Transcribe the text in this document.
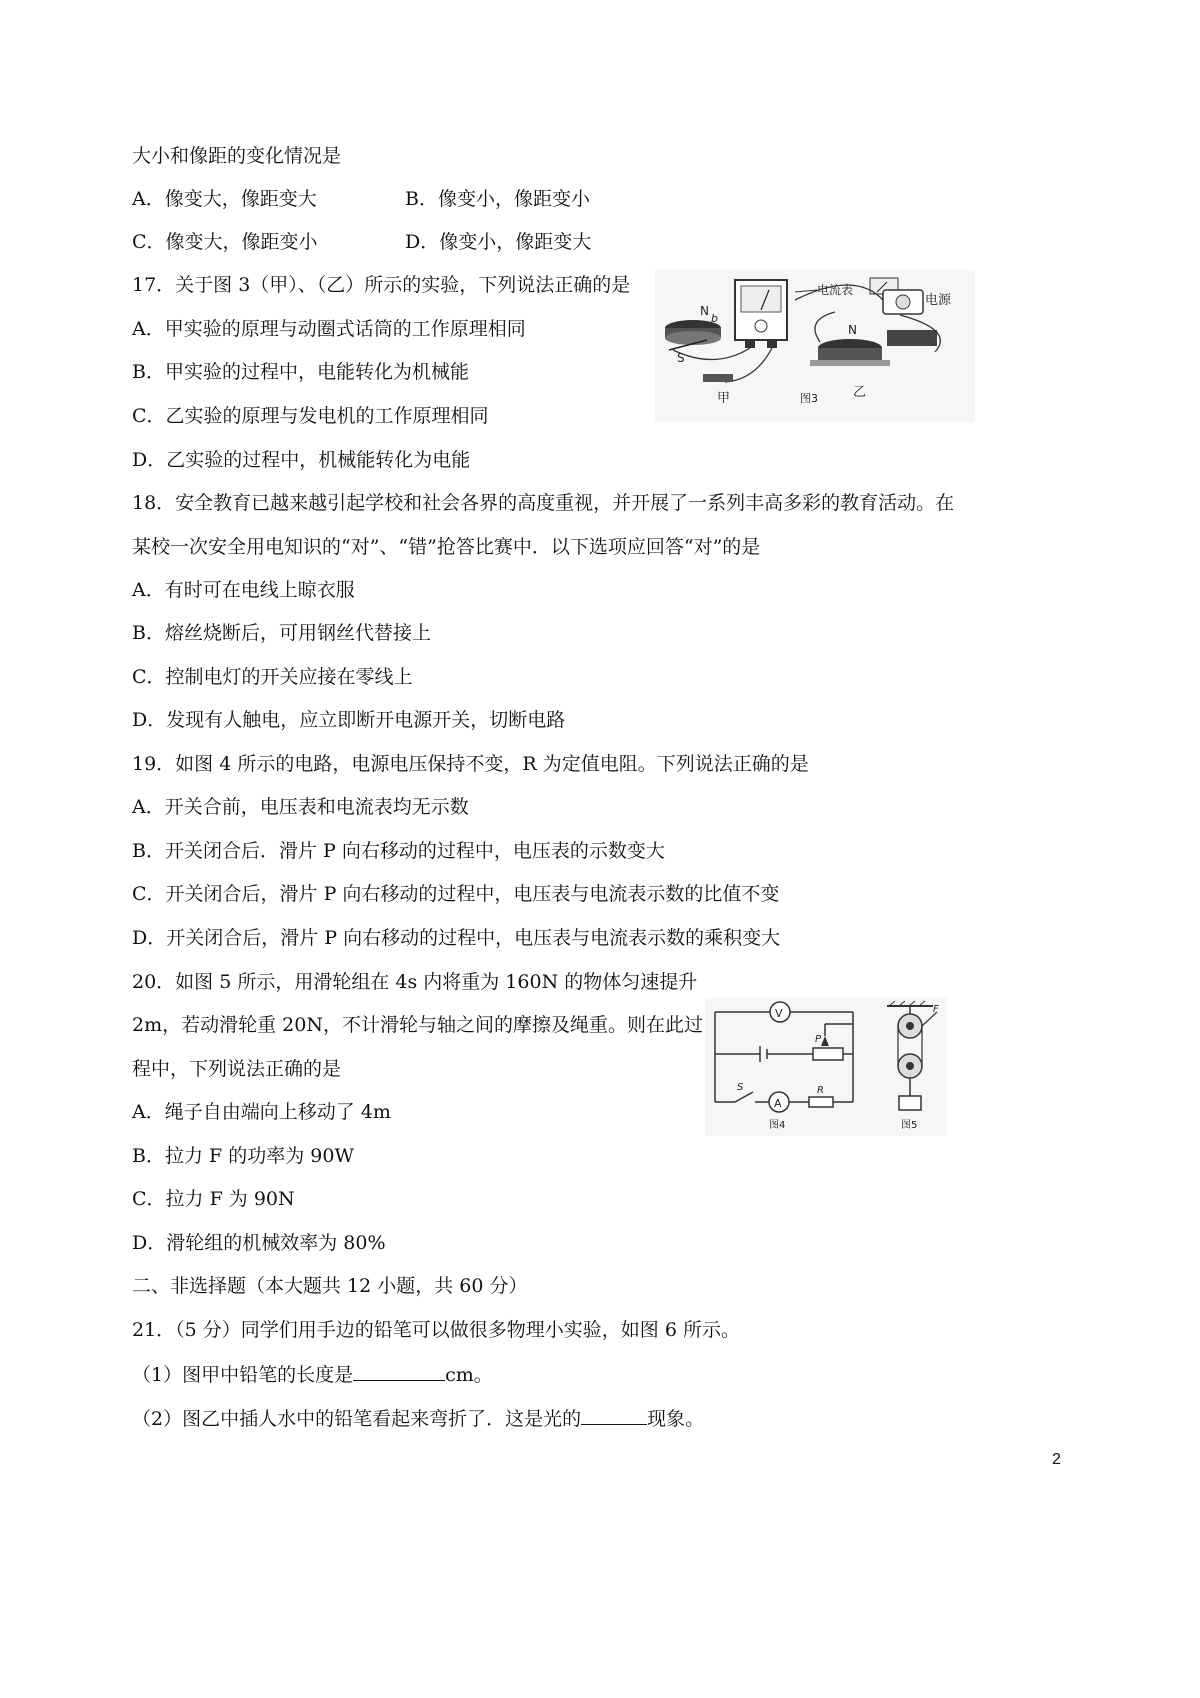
大小和像距的变化情况是
A．像变大，像距变大	B．像变小，像距变小
C．像变大，像距变小	D．像变小，像距变大
17．关于图 3（甲）、（乙）所示的实验，下列说法正确的是
A．甲实验的原理与动圈式话筒的工作原理相同
B．甲实验的过程中，电能转化为机械能
C．乙实验的原理与发电机的工作原理相同
D．乙实验的过程中，机械能转化为电能
N
b
S
甲
电流表
电源
N
图3	乙
18．安全教育已越来越引起学校和社会各界的高度重视，并开展了一系列丰高多彩的教育活动。在
某校一次安全用电知识的“对”、“错”抢答比赛中．以下选项应回答“对”的是
A．有时可在电线上晾衣服
B．熔丝烧断后，可用钢丝代替接上
C．控制电灯的开关应接在零线上
D．发现有人触电，应立即断开电源开关，切断电路
19．如图 4 所示的电路，电源电压保持不变，R 为定值电阻。下列说法正确的是
A．开关合前，电压表和电流表均无示数
B．开关闭合后．滑片 P 向右移动的过程中，电压表的示数变大
C．开关闭合后，滑片 P 向右移动的过程中，电压表与电流表示数的比值不变
D．开关闭合后，滑片 P 向右移动的过程中，电压表与电流表示数的乘积变大
20．如图 5 所示，用滑轮组在 4s 内将重为 160N 的物体匀速提升
2m，若动滑轮重 20N，不计滑轮与轴之间的摩擦及绳重。则在此过
程中，下列说法正确的是
A．绳子自由端向上移动了 4m
B．拉力 F 的功率为 90W
C．拉力 F 为 90N
D．滑轮组的机械效率为 80%
V
P
S
A
R
图4
F
图5
二、非选择题（本大题共 12 小题，共 60 分）
21．（5 分）同学们用手边的铅笔可以做很多物理小实验，如图 6 所示。
（1）图甲中铅笔的长度是	cm。
（2）图乙中插人水中的铅笔看起来弯折了．这是光的	现象。
2
